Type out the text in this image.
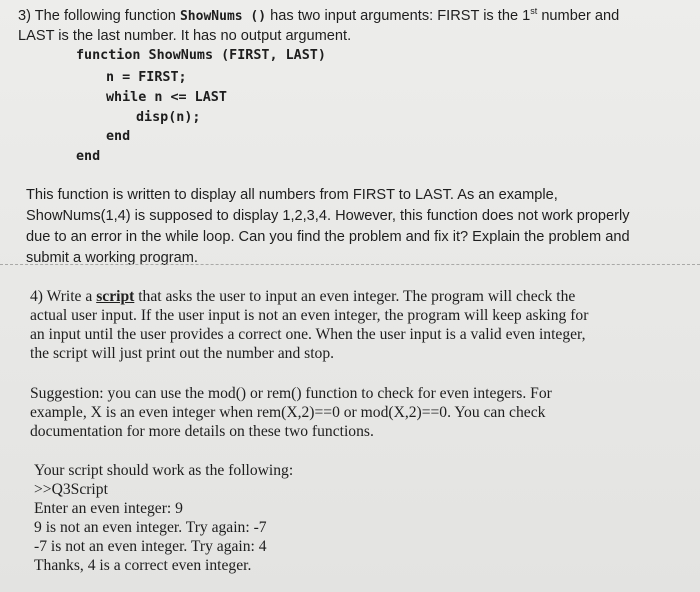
3) The following function ShowNums () has two input arguments: FIRST is the 1st number and
LAST is the last number. It has no output argument.
function ShowNums (FIRST, LAST)
n = FIRST;
while n <= LAST
disp(n);
end
end
This function is written to display all numbers from FIRST to LAST. As an example,
ShowNums(1,4) is supposed to display 1,2,3,4. However, this function does not work properly
due to an error in the while loop. Can you find the problem and fix it? Explain the problem and
submit a working program.
4) Write a script that asks the user to input an even integer. The program will check the
actual user input. If the user input is not an even integer, the program will keep asking for
an input until the user provides a correct one. When the user input is a valid even integer,
the script will just print out the number and stop.
Suggestion: you can use the mod() or rem() function to check for even integers. For
example, X is an even integer when rem(X,2)==0 or mod(X,2)==0. You can check
documentation for more details on these two functions.
Your script should work as the following:
>>Q3Script
Enter an even integer: 9
9 is not an even integer. Try again: -7
-7 is not an even integer. Try again: 4
Thanks, 4 is a correct even integer.
